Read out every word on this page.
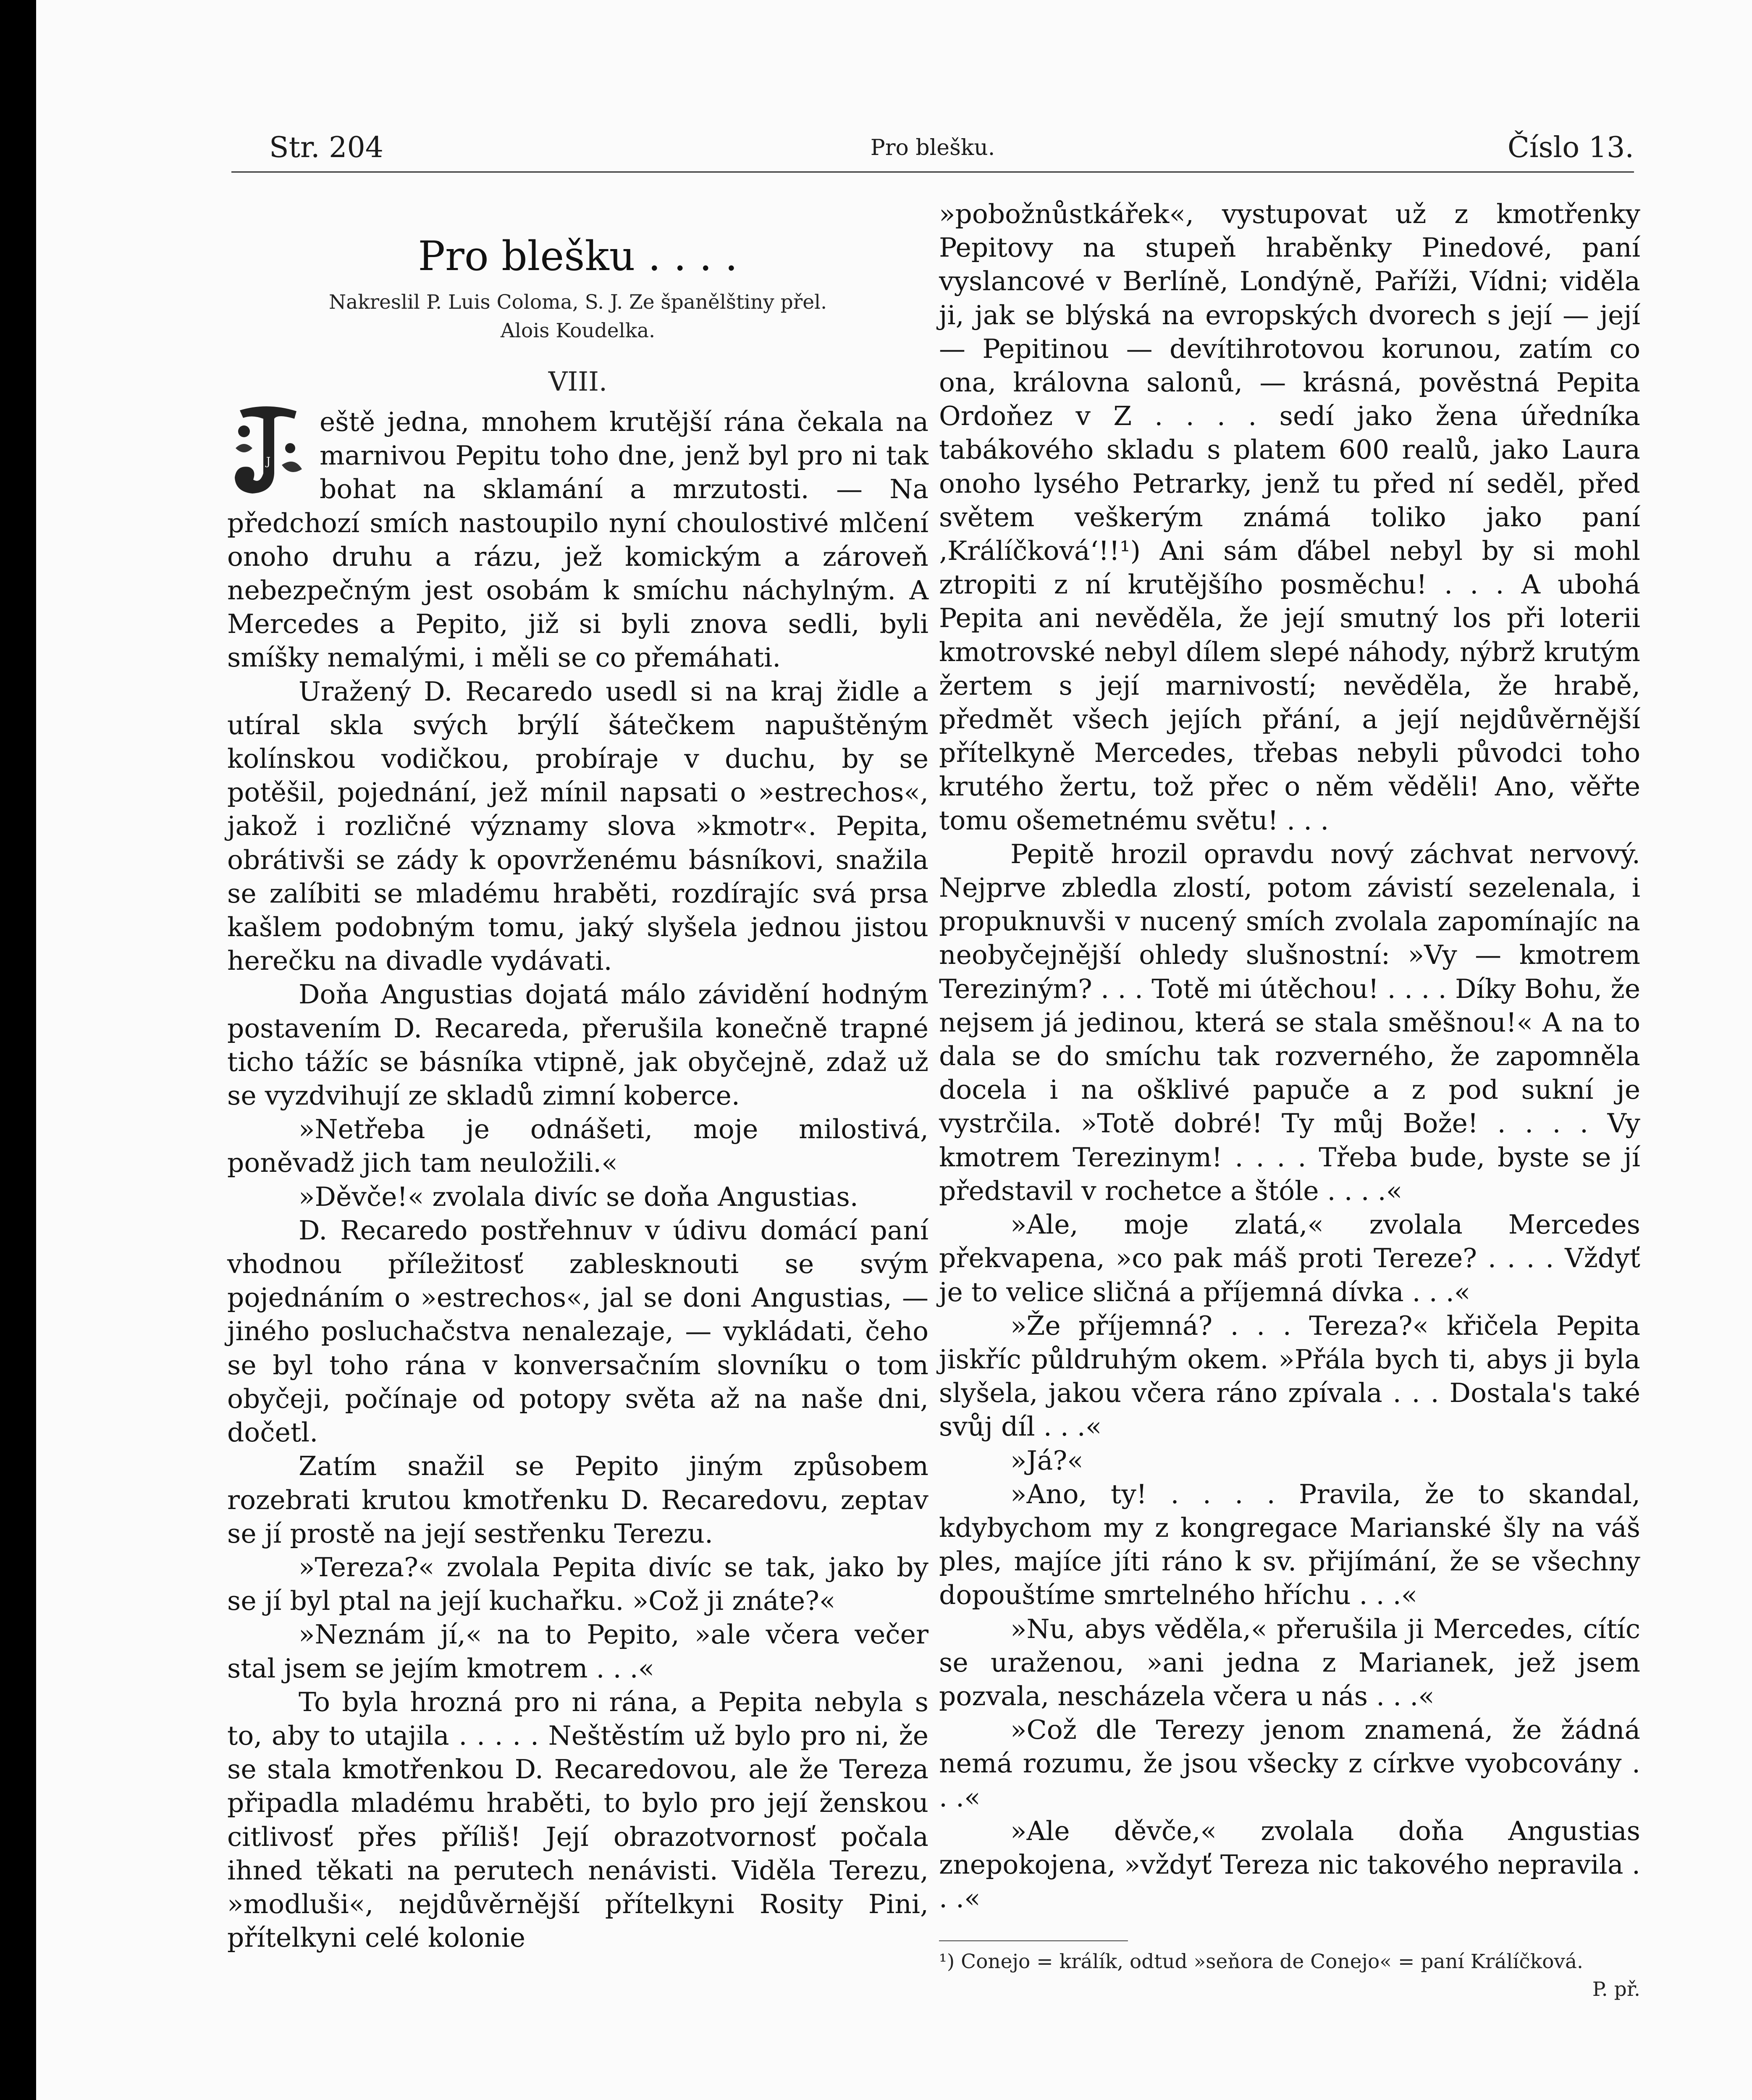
Str. 204	Pro blešku.	Číslo 13.
Pro blešku . . . .
Nakreslil P. Luis Coloma, S. J. Ze španělštiny přel.
Alois Koudelka.
VIII.

J
eště jedna, mnohem krutější rána čekala na marnivou Pepitu toho dne, jenž byl pro ni tak bohat na sklamání a mrzutosti. — Na předchozí smích nastoupilo nyní choulostivé mlčení onoho druhu a rázu, jež komickým a zároveň nebezpečným jest osobám k smíchu náchylným. A Mercedes a Pepito, již si byli znova sedli, byli smíšky nemalými, i měli se co přemáhati.

Uražený D. Recaredo usedl si na kraj židle a utíral skla svých brýlí šátečkem napuštěným kolínskou vodičkou, probíraje v duchu, by se potěšil, pojednání, jež mínil napsati o »estrechos«, jakož i rozličné významy slova »kmotr«. Pepita, obrátivši se zády k opovrženému básníkovi, snažila se zalíbiti se mladému hraběti, rozdírajíc svá prsa kašlem podobným tomu, jaký slyšela jednou jistou herečku na divadle vydávati.

Doňa Angustias dojatá málo závidění hodným postavením D. Recareda, přerušila konečně trapné ticho tážíc se básníka vtipně, jak obyčejně, zdaž už se vyzdvihují ze skladů zimní koberce.

»Netřeba je odnášeti, moje milostivá, poněvadž jich tam neuložili.«

»Děvče!« zvolala divíc se doňa Angustias.

D. Recaredo postřehnuv v údivu domácí paní vhodnou příležitosť zablesknouti se svým pojednáním o »estrechos«, jal se doni Angustias, — jiného posluchačstva nenalezaje, — vykládati, čeho se byl toho rána v konversačním slovníku o tom obyčeji, počínaje od potopy světa až na naše dni, dočetl.

Zatím snažil se Pepito jiným způsobem rozebrati krutou kmotřenku D. Recaredovu, zeptav se jí prostě na její sestřenku Terezu.

»Tereza?« zvolala Pepita divíc se tak, jako by se jí byl ptal na její kuchařku. »Což ji znáte?«

»Neznám jí,« na to Pepito, »ale včera večer stal jsem se jejím kmotrem . . .«

To byla hrozná pro ni rána, a Pepita nebyla s to, aby to utajila . . . . . Neštěstím už bylo pro ni, že se stala kmotřenkou D. Recaredovou, ale že Tereza připadla mladému hraběti, to bylo pro její ženskou citlivosť přes příliš! Její obrazotvornosť počala ihned těkati na perutech nenávisti. Viděla Terezu, »modluši«, nejdůvěrnější přítelkyni Rosity Pini, přítelkyni celé kolonie

»pobožnůstkářek«, vystupovat už z kmotřenky Pepitovy na stupeň hraběnky Pinedové, paní vyslancové v Berlíně, Londýně, Paříži, Vídni; viděla ji, jak se blýská na evropských dvorech s její — její — Pepitinou — devítihrotovou korunou, zatím co ona, královna salonů, — krásná, pověstná Pepita Ordoňez v Z . . . . sedí jako žena úředníka tabákového skladu s platem 600 realů, jako Laura onoho lysého Petrarky, jenž tu před ní seděl, před světem veškerým známá toliko jako paní ‚Králíčková‘!!¹) Ani sám ďábel nebyl by si mohl ztropiti z ní krutějšího posměchu! . . . A ubohá Pepita ani nevěděla, že její smutný los při loterii kmotrovské nebyl dílem slepé náhody, nýbrž krutým žertem s její marnivostí; nevěděla, že hrabě, předmět všech jejích přání, a její nejdůvěrnější přítelkyně Mercedes, třebas nebyli původci toho krutého žertu, tož přec o něm věděli! Ano, věřte tomu ošemetnému světu! . . .

Pepitě hrozil opravdu nový záchvat nervový. Nejprve zbledla zlostí, potom závistí sezelenala, i propuknuvši v nucený smích zvolala zapomínajíc na neobyčejnější ohledy slušnostní: »Vy — kmotrem Tereziným? . . . Totě mi útěchou! . . . . Díky Bohu, že nejsem já jedinou, která se stala směšnou!« A na to dala se do smíchu tak rozverného, že zapomněla docela i na ošklivé papuče a z pod sukní je vystrčila. »Totě dobré! Ty můj Bože! . . . . Vy kmotrem Terezinym! . . . . Třeba bude, byste se jí představil v rochetce a štóle . . . .«

»Ale, moje zlatá,« zvolala Mercedes překvapena, »co pak máš proti Tereze? . . . . Vždyť je to velice sličná a příjemná dívka . . .«

»Že příjemná? . . . Tereza?« křičela Pepita jiskříc půldruhým okem. »Přála bych ti, abys ji byla slyšela, jakou včera ráno zpívala . . . Dostala's také svůj díl . . .«

»Já?«

»Ano, ty! . . . . Pravila, že to skandal, kdybychom my z kongregace Marianské šly na váš ples, majíce jíti ráno k sv. přijímání, že se všechny dopouštíme smrtelného hříchu . . .«

»Nu, abys věděla,« přerušila ji Mercedes, cítíc se uraženou, »ani jedna z Marianek, jež jsem pozvala, nescházela včera u nás . . .«

»Což dle Terezy jenom znamená, že žádná nemá rozumu, že jsou všecky z církve vyobcovány . . .«

»Ale děvče,« zvolala doňa Angustias znepokojena, »vždyť Tereza nic takového nepravila . . .«

¹) Conejo = králík, odtud »seňora de Conejo« = paní Králíčková.
P. př.
